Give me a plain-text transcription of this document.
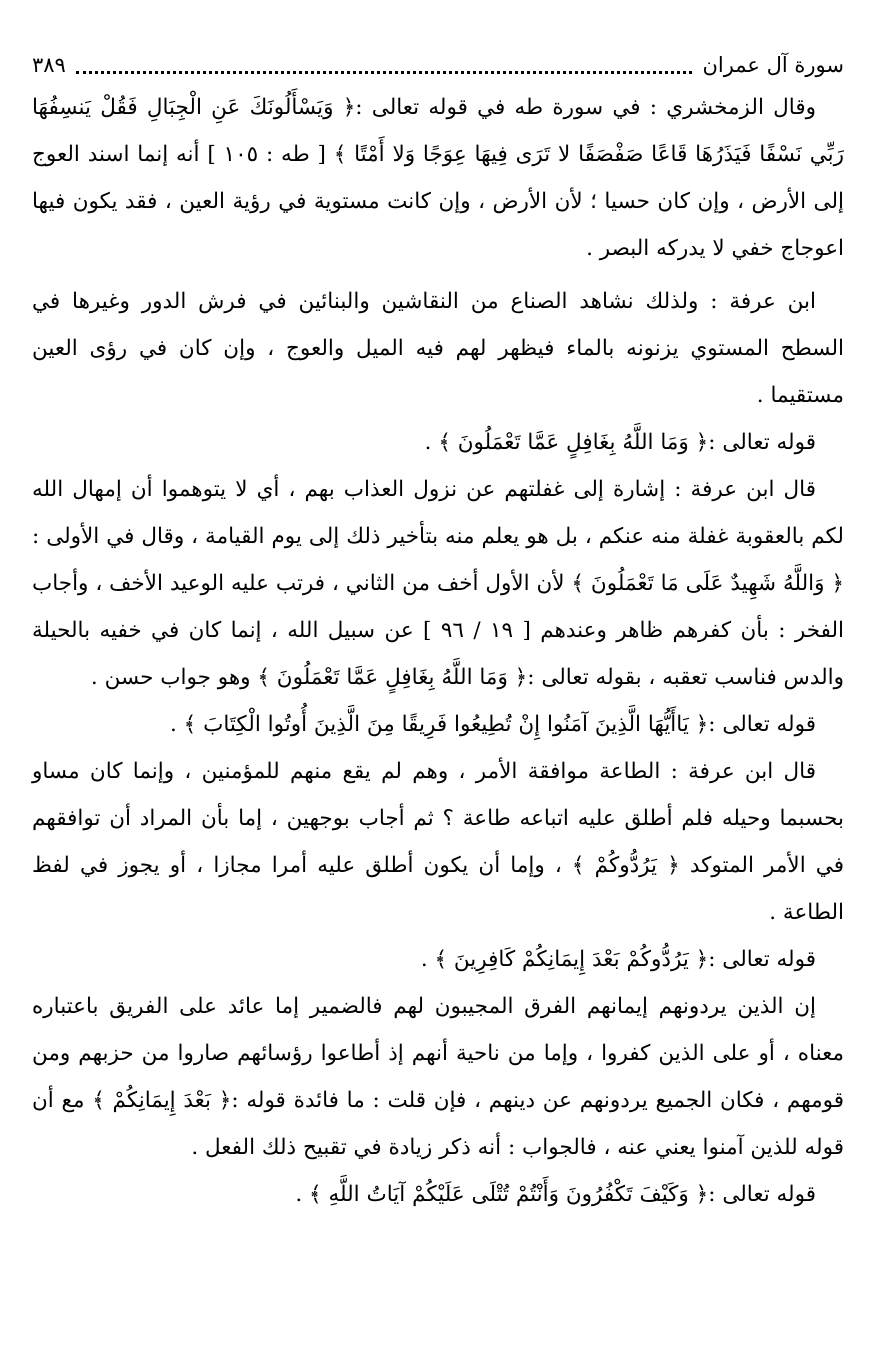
سورة آل عمران
٣٨٩

وقال الزمخشري : في سورة طه في قوله تعالى :﴿ وَيَسْأَلُونَكَ عَنِ الْجِبَالِ فَقُلْ يَنسِفُهَا رَبِّي نَسْفًا فَيَذَرُهَا قَاعًا صَفْصَفًا لا تَرَى فِيهَا عِوَجًا وَلا أَمْتًا ﴾ [ طه : ١٠٥ ] أنه إنما اسند العوج إلى الأرض ، وإن كان حسيا ؛ لأن الأرض ، وإن كانت مستوية في رؤية العين ، فقد يكون فيها اعوجاج خفي لا يدركه البصر .

ابن عرفة : ولذلك نشاهد الصناع من النقاشين والبنائين في فرش الدور وغيرها في السطح المستوي يزنونه بالماء فيظهر لهم فيه الميل والعوج ، وإن كان في رؤى العين مستقيما .

قوله تعالى :﴿ وَمَا اللَّهُ بِغَافِلٍ عَمَّا تَعْمَلُونَ ﴾ .

قال ابن عرفة : إشارة إلى غفلتهم عن نزول العذاب بهم ، أي لا يتوهموا أن إمهال الله لكم بالعقوبة غفلة منه عنكم ، بل هو يعلم منه بتأخير ذلك إلى يوم القيامة ، وقال في الأولى :﴿ وَاللَّهُ شَهِيدٌ عَلَى مَا تَعْمَلُونَ ﴾ لأن الأول أخف من الثاني ، فرتب عليه الوعيد الأخف ، وأجاب الفخر : بأن كفرهم ظاهر وعندهم [ ١٩ / ٩٦ ] عن سبيل الله ، إنما كان في خفيه بالحيلة والدس فناسب تعقبه ، بقوله تعالى :﴿ وَمَا اللَّهُ بِغَافِلٍ عَمَّا تَعْمَلُونَ ﴾ وهو جواب حسن .

قوله تعالى :﴿ يَاأَيُّهَا الَّذِينَ آمَنُوا إِنْ تُطِيعُوا فَرِيقًا مِنَ الَّذِينَ أُوتُوا الْكِتَابَ ﴾ .

قال ابن عرفة : الطاعة موافقة الأمر ، وهم لم يقع منهم للمؤمنين ، وإنما كان مساو بحسبما وحيله فلم أطلق عليه اتباعه طاعة ؟ ثم أجاب بوجهين ، إما بأن المراد أن توافقهم في الأمر المتوكد ﴿ يَرُدُّوكُمْ ﴾ ، وإما أن يكون أطلق عليه أمرا مجازا ، أو يجوز في لفظ الطاعة .

قوله تعالى :﴿ يَرُدُّوكُمْ بَعْدَ إِيمَانِكُمْ كَافِرِينَ ﴾ .

إن الذين يردونهم إيمانهم الفرق المجيبون لهم فالضمير إما عائد على الفريق باعتباره معناه ، أو على الذين كفروا ، وإما من ناحية أنهم إذ أطاعوا رؤسائهم صاروا من حزبهم ومن قومهم ، فكان الجميع يردونهم عن دينهم ، فإن قلت : ما فائدة قوله :﴿ بَعْدَ إِيمَانِكُمْ ﴾ مع أن قوله للذين آمنوا يعني عنه ، فالجواب : أنه ذكر زيادة في تقبيح ذلك الفعل .

قوله تعالى :﴿ وَكَيْفَ تَكْفُرُونَ وَأَنْتُمْ تُتْلَى عَلَيْكُمْ آيَاتُ اللَّهِ ﴾ .
